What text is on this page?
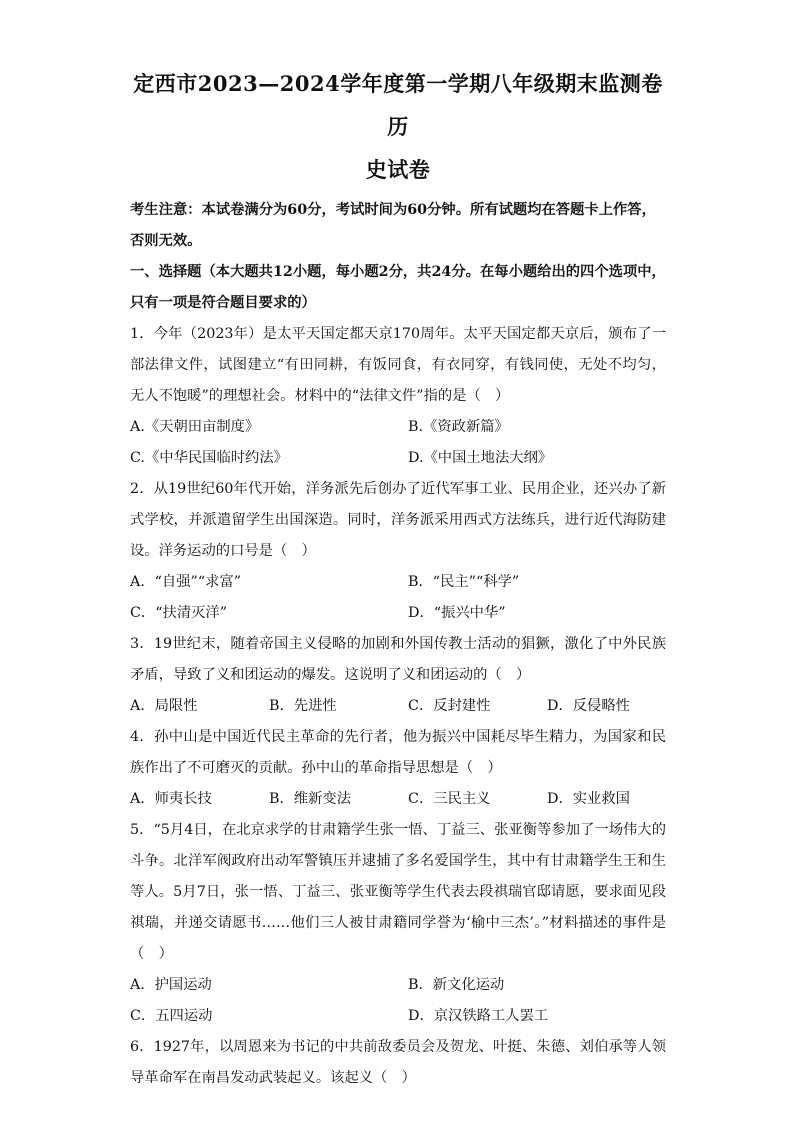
定西市2023—2024学年度第一学期八年级期末监测卷历

史试卷

考生注意：本试卷满分为60分，考试时间为60分钟。所有试题均在答题卡上作答，否则无效。

一、选择题（本大题共12小题，每小题2分，共24分。在每小题给出的四个选项中，只有一项是符合题目要求的）

1．今年（2023年）是太平天国定都天京170周年。太平天国定都天京后，颁布了一部法律文件，试图建立“有田同耕，有饭同食，有衣同穿，有钱同使，无处不均匀，无人不饱暖”的理想社会。材料中的“法律文件”指的是（　）

A.《天朝田亩制度》	B.《资政新篇》
C.《中华民国临时约法》	D.《中国土地法大纲》

2．从19世纪60年代开始，洋务派先后创办了近代军事工业、民用企业，还兴办了新式学校，并派遣留学生出国深造。同时，洋务派采用西式方法练兵，进行近代海防建设。洋务运动的口号是（　）

A．“自强”“求富”	B．“民主”“科学”
C．“扶清灭洋”	D．“振兴中华”

3．19世纪末，随着帝国主义侵略的加剧和外国传教士活动的猖獗，激化了中外民族矛盾，导致了义和团运动的爆发。这说明了义和团运动的（　）

A．局限性	B．先进性	C．反封建性	D．反侵略性

4．孙中山是中国近代民主革命的先行者，他为振兴中国耗尽毕生精力，为国家和民族作出了不可磨灭的贡献。孙中山的革命指导思想是（　）

A．师夷长技	B．维新变法	C．三民主义	D．实业救国

5．“5月4日，在北京求学的甘肃籍学生张一悟、丁益三、张亚衡等参加了一场伟大的斗争。北洋军阀政府出动军警镇压并逮捕了多名爱国学生，其中有甘肃籍学生王和生等人。5月7日，张一悟、丁益三、张亚衡等学生代表去段祺瑞官邸请愿，要求面见段祺瑞，并递交请愿书……他们三人被甘肃籍同学誉为‘榆中三杰’。”材料描述的事件是（　）

A．护国运动	B．新文化运动
C．五四运动	D．京汉铁路工人罢工

6．1927年，以周恩来为书记的中共前敌委员会及贺龙、叶挺、朱德、刘伯承等人领导革命军在南昌发动武装起义。该起义（　）
